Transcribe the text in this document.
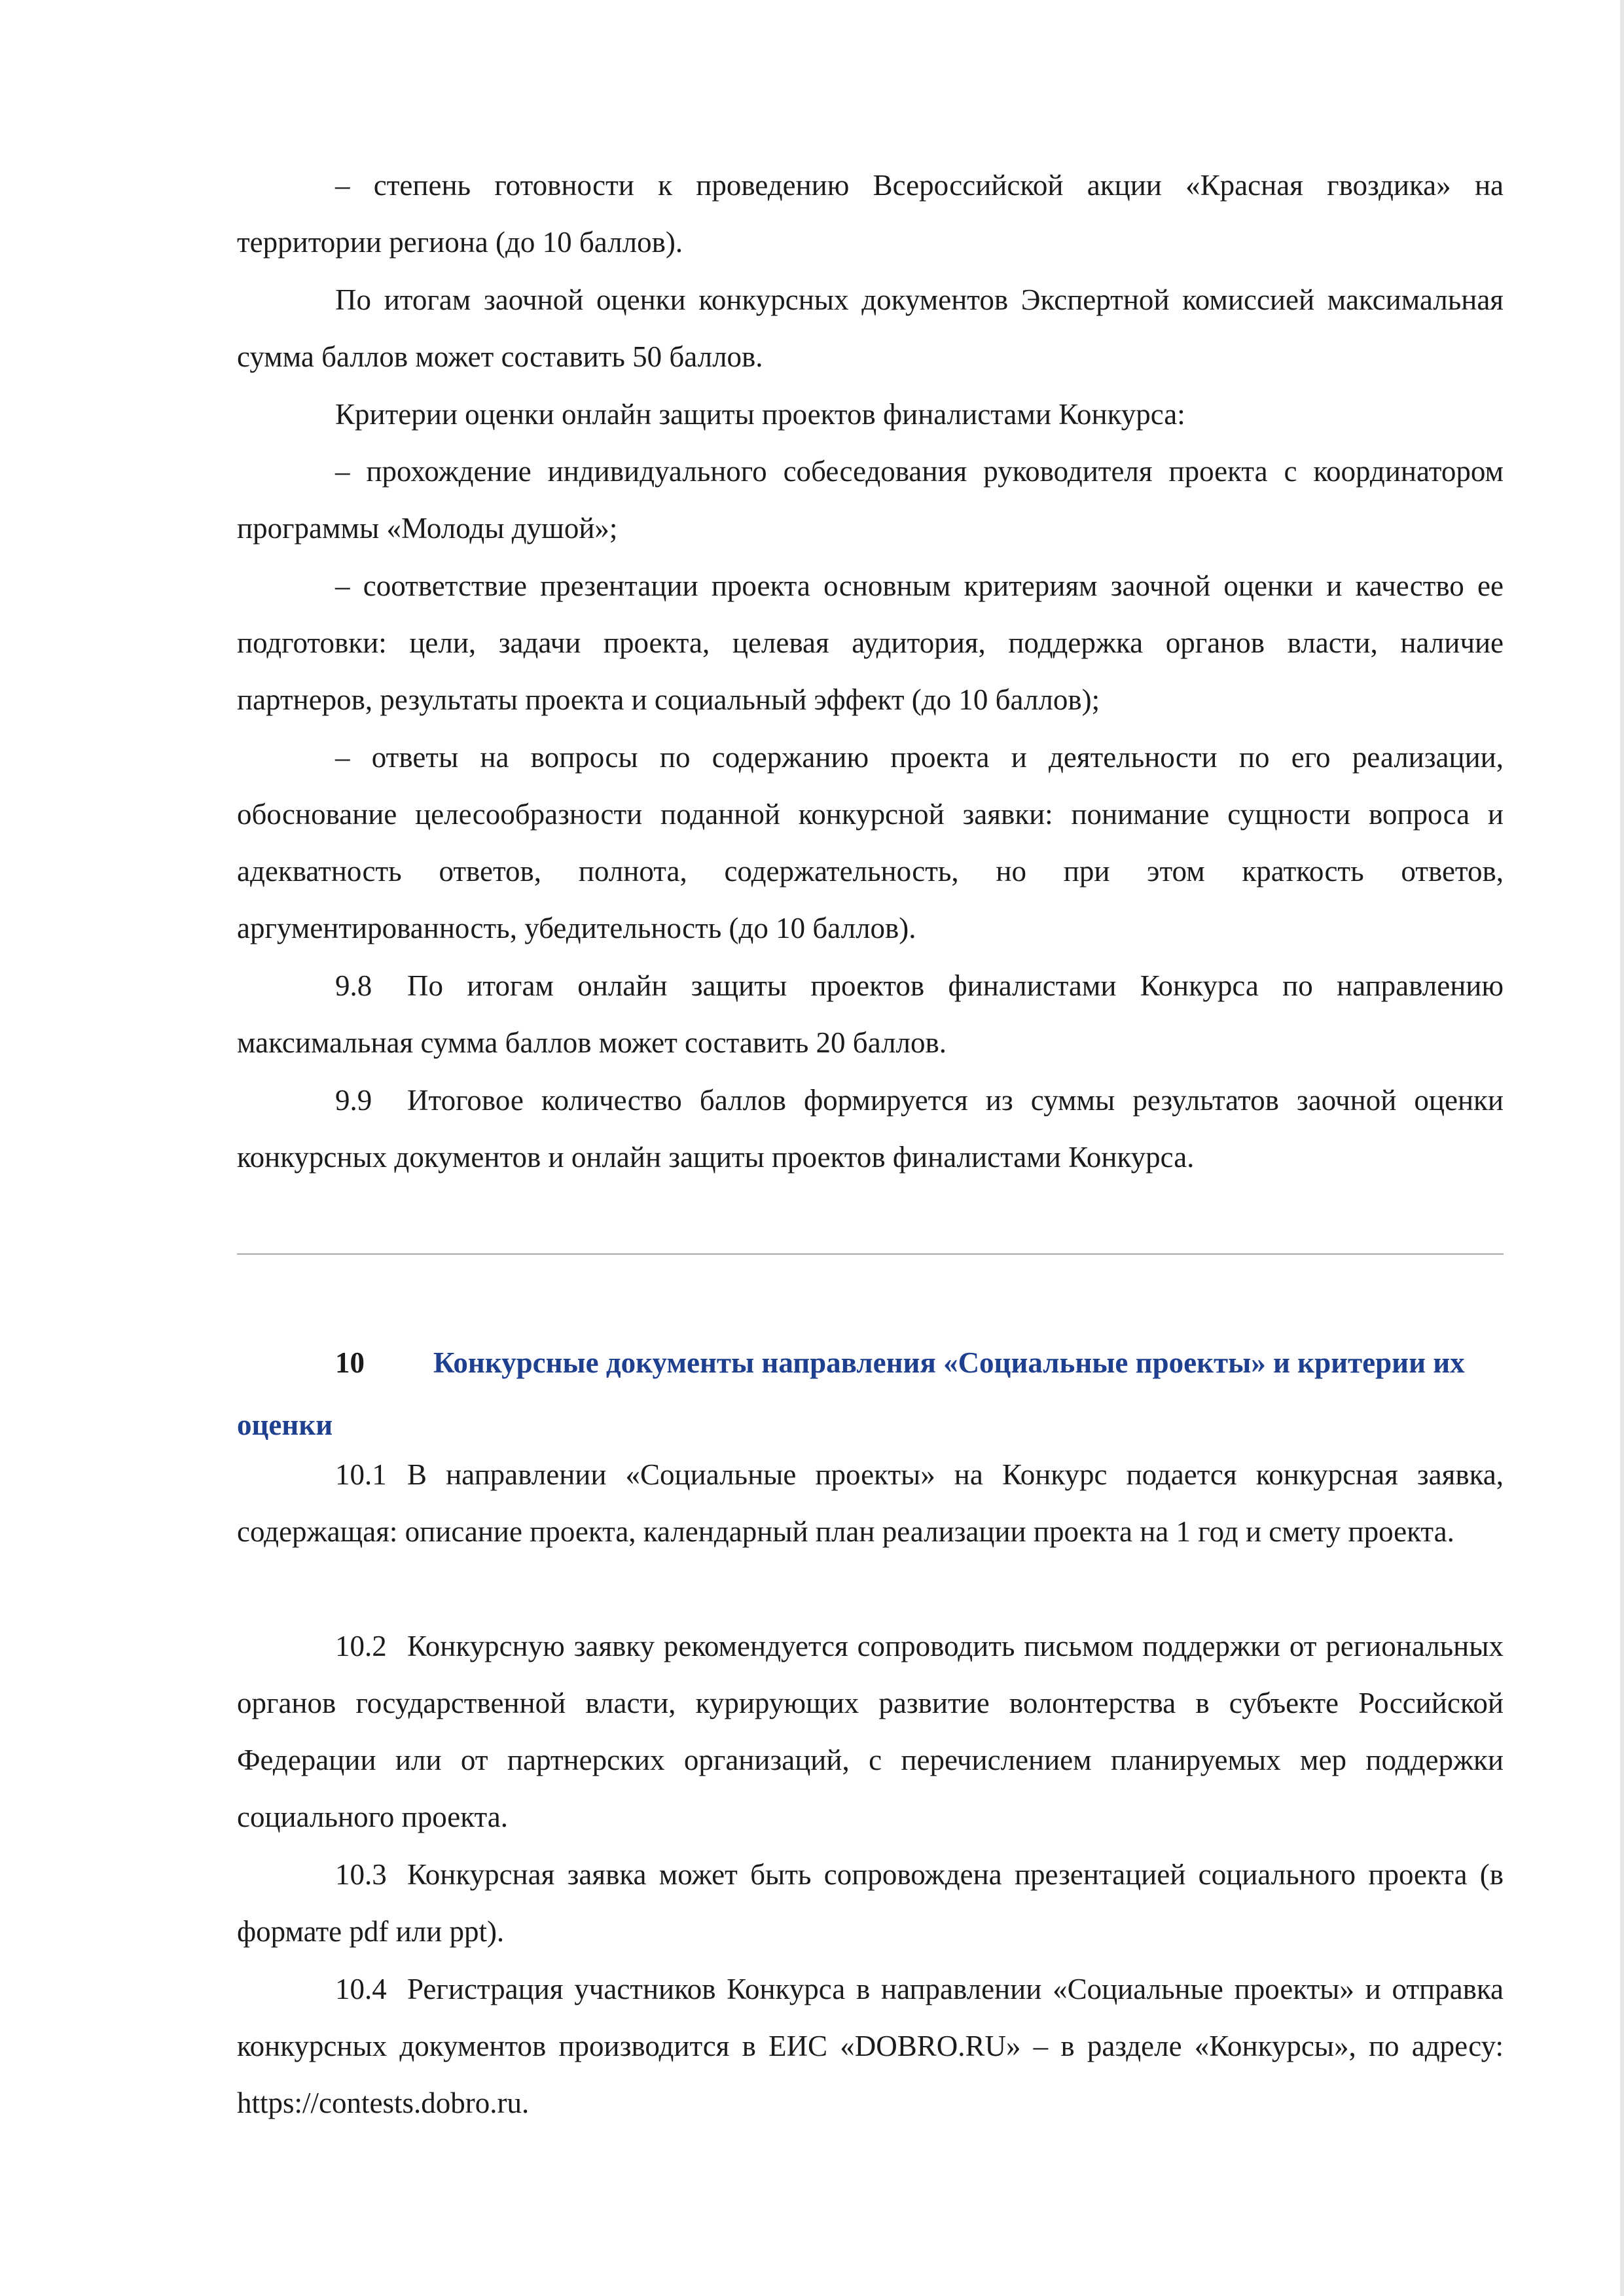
– степень готовности к проведению Всероссийской акции «Красная гвоздика» на территории региона (до 10 баллов).

По итогам заочной оценки конкурсных документов Экспертной комиссией максимальная сумма баллов может составить 50 баллов.

Критерии оценки онлайн защиты проектов финалистами Конкурса:

– прохождение индивидуального собеседования руководителя проекта с координатором программы «Молоды душой»;

– соответствие презентации проекта основным критериям заочной оценки и качество ее подготовки: цели, задачи проекта, целевая аудитория, поддержка органов власти, наличие партнеров, результаты проекта и социальный эффект (до 10 баллов);

– ответы на вопросы по содержанию проекта и деятельности по его реализации, обоснование целесообразности поданной конкурсной заявки: понимание сущности вопроса и адекватность ответов, полнота, содержательность, но при этом краткость ответов, аргументированность, убедительность (до 10 баллов).

9.8 По итогам онлайн защиты проектов финалистами Конкурса по направлению максимальная сумма баллов может составить 20 баллов.

9.9 Итоговое количество баллов формируется из суммы результатов заочной оценки конкурсных документов и онлайн защиты проектов финалистами Конкурса.

10 Конкурсные документы направления «Социальные проекты» и критерии их оценки

10.1 В направлении «Социальные проекты» на Конкурс подается конкурсная заявка, содержащая: описание проекта, календарный план реализации проекта на 1 год и смету проекта.

10.2 Конкурсную заявку рекомендуется сопроводить письмом поддержки от региональных органов государственной власти, курирующих развитие волонтерства в субъекте Российской Федерации или от партнерских организаций, с перечислением планируемых мер поддержки социального проекта.

10.3 Конкурсная заявка может быть сопровождена презентацией социального проекта (в формате pdf или ppt).

10.4 Регистрация участников Конкурса в направлении «Социальные проекты» и отправка конкурсных документов производится в ЕИС «DOBRO.RU» – в разделе «Конкурсы», по адресу: https://contests.dobro.ru.
